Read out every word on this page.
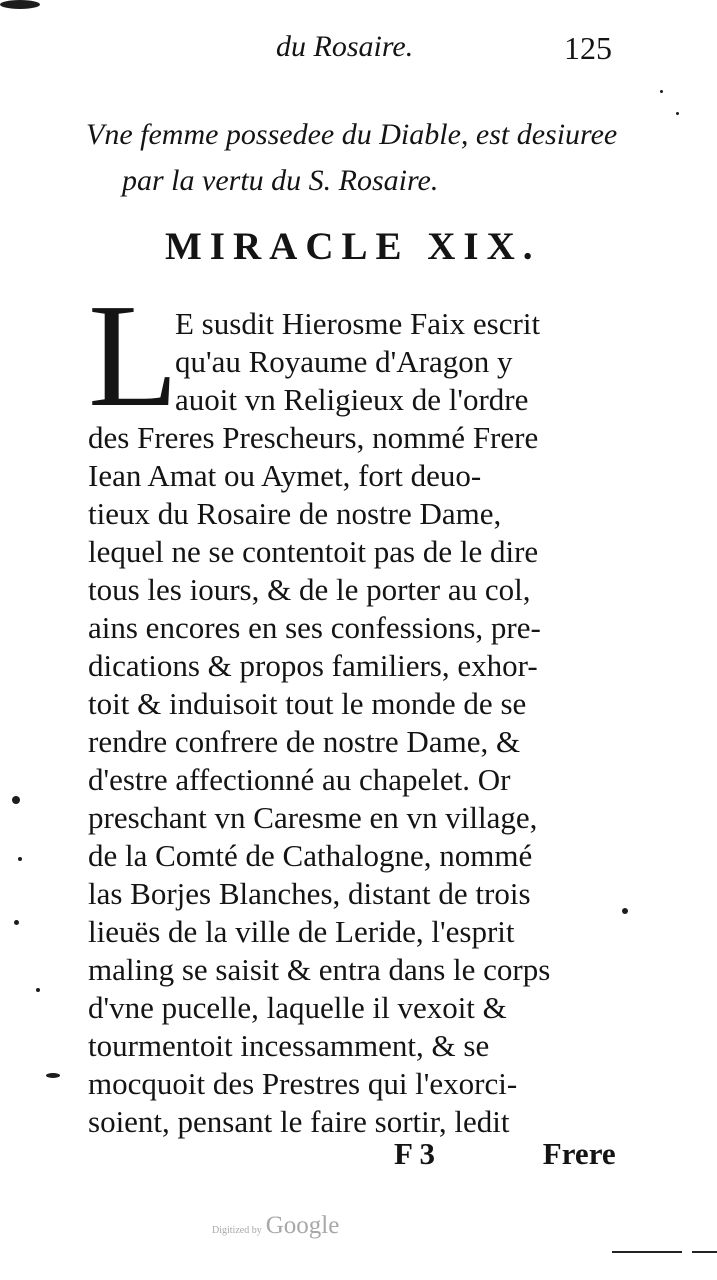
du Rosaire.	125
Vne femme possedee du Diable, est desiuree
par la vertu du S. Rosaire.
MIRACLE XIX.
L
E susdit Hierosme Faix escrit
qu'au Royaume d'Aragon y
auoit vn Religieux de l'ordre
des Freres Prescheurs, nommé Frere
Iean Amat ou Aymet, fort deuo-
tieux du Rosaire de nostre Dame,
lequel ne se contentoit pas de le dire
tous les iours, & de le porter au col,
ains encores en ses confessions, pre-
dications & propos familiers, exhor-
toit & induisoit tout le monde de se
rendre confrere de nostre Dame, &
d'estre affectionné au chapelet. Or
preschant vn Caresme en vn village,
de la Comté de Cathalogne, nommé
las Borjes Blanches, distant de trois
lieuës de la ville de Leride, l'esprit
maling se saisit & entra dans le corps
d'vne pucelle, laquelle il vexoit &
tourmentoit incessamment, & se
mocquoit des Prestres qui l'exorci-
soient, pensant le faire sortir, ledit
F 3	Frere
Digitized by Google
